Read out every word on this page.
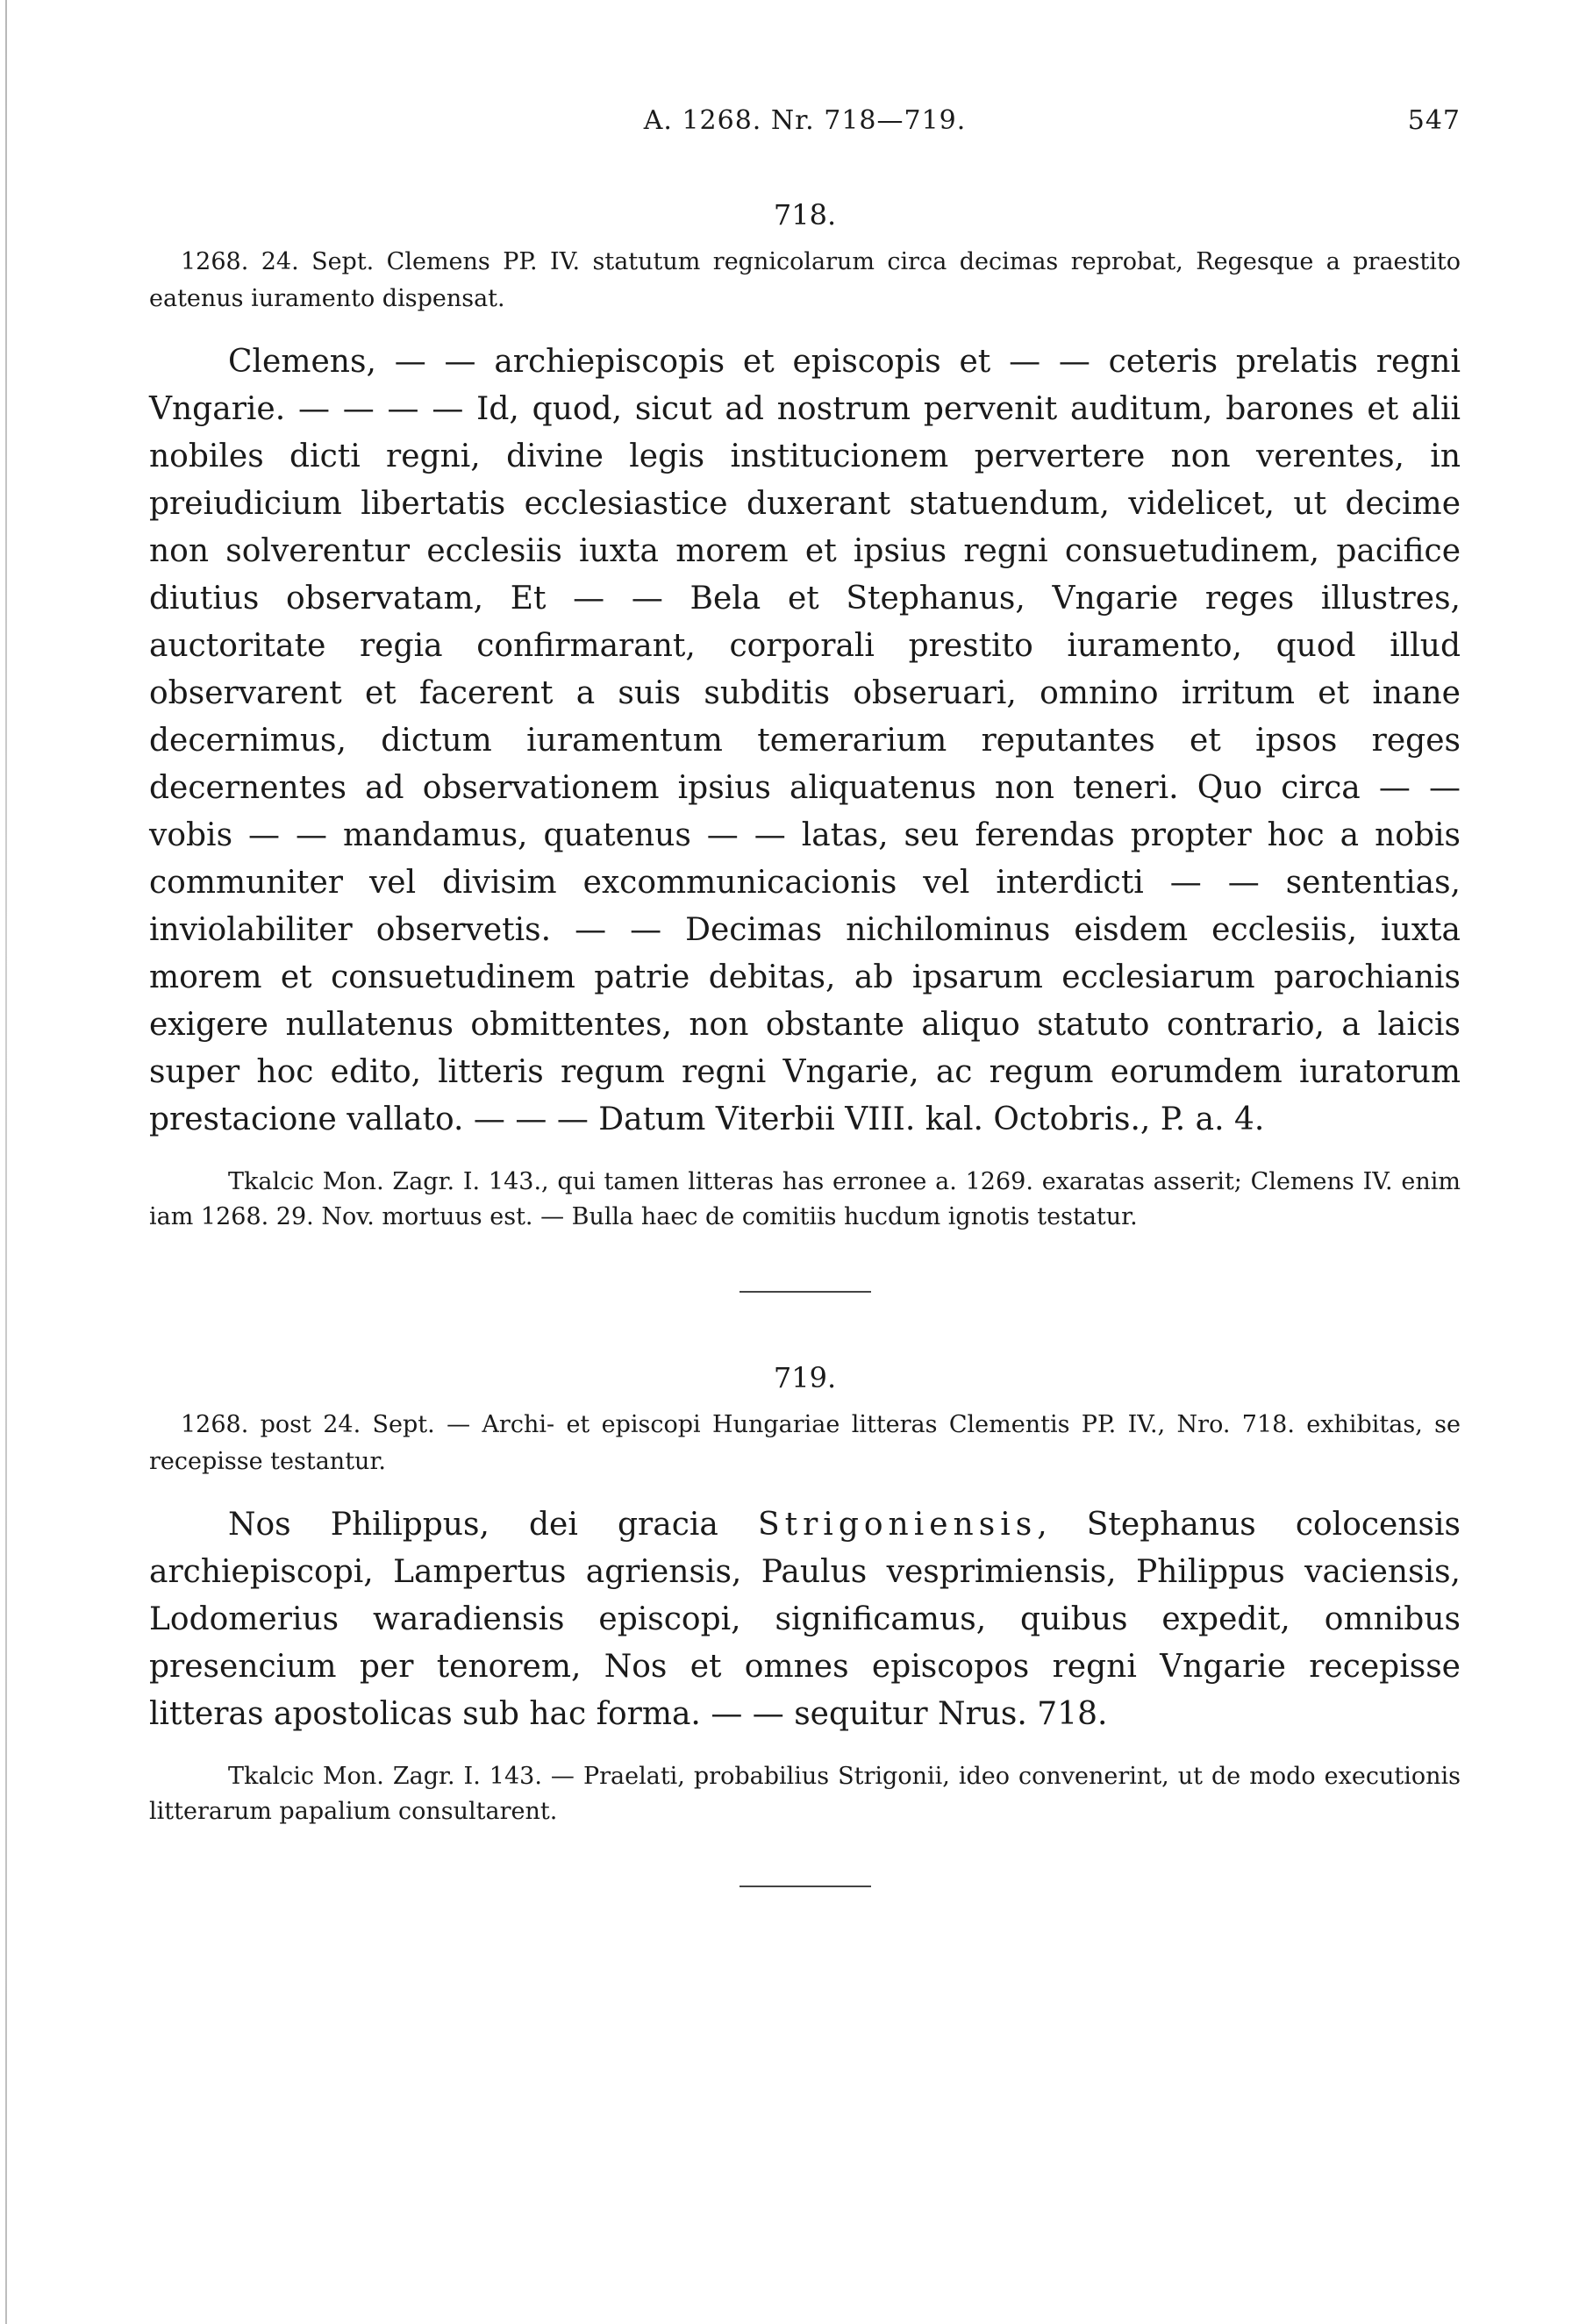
A. 1268. Nr. 718—719.	547
718.

1268. 24. Sept. Clemens PP. IV. statutum regnicolarum circa decimas reprobat, Regesque a praestito eatenus iuramento dispensat.

Clemens, — — archiepiscopis et episcopis et — — ceteris prelatis regni Vngarie. — — — — Id, quod, sicut ad nostrum pervenit auditum, barones et alii nobiles dicti regni, divine legis institucionem pervertere non verentes, in preiudicium libertatis ecclesiastice duxerant statuendum, videlicet, ut decime non solverentur ecclesiis iuxta morem et ipsius regni consuetudinem, pacifice diutius observatam, Et — — Bela et Stephanus, Vngarie reges illustres, auctoritate regia confirmarant, corporali prestito iuramento, quod illud observarent et facerent a suis subditis obseruari, omnino irritum et inane decernimus, dictum iuramentum temerarium reputantes et ipsos reges decernentes ad observationem ipsius aliquatenus non teneri. Quo circa — — vobis — — mandamus, quatenus — — latas, seu ferendas propter hoc a nobis communiter vel divisim excommunicacionis vel interdicti — — sententias, inviolabiliter observetis. — — Decimas nichilominus eisdem ecclesiis, iuxta morem et consuetudinem patrie debitas, ab ipsarum ecclesiarum parochianis exigere nullatenus obmittentes, non obstante aliquo statuto contrario, a laicis super hoc edito, litteris regum regni Vngarie, ac regum eorumdem iuratorum prestacione vallato. — — — Datum Viterbii VIII. kal. Octobris., P. a. 4.

Tkalcic Mon. Zagr. I. 143., qui tamen litteras has erronee a. 1269. exaratas asserit; Clemens IV. enim iam 1268. 29. Nov. mortuus est. — Bulla haec de comitiis hucdum ignotis testatur.

719.

1268. post 24. Sept. — Archi- et episcopi Hungariae litteras Clementis PP. IV., Nro. 718. exhibitas, se recepisse testantur.

Nos Philippus, dei gracia Strigoniensis, Stephanus colocensis archiepiscopi, Lampertus agriensis, Paulus vesprimiensis, Philippus vaciensis, Lodomerius waradiensis episcopi, significamus, quibus expedit, omnibus presencium per tenorem, Nos et omnes episcopos regni Vngarie recepisse litteras apostolicas sub hac forma. — — sequitur Nrus. 718.

Tkalcic Mon. Zagr. I. 143. — Praelati, probabilius Strigonii, ideo convenerint, ut de modo executionis litterarum papalium consultarent.
